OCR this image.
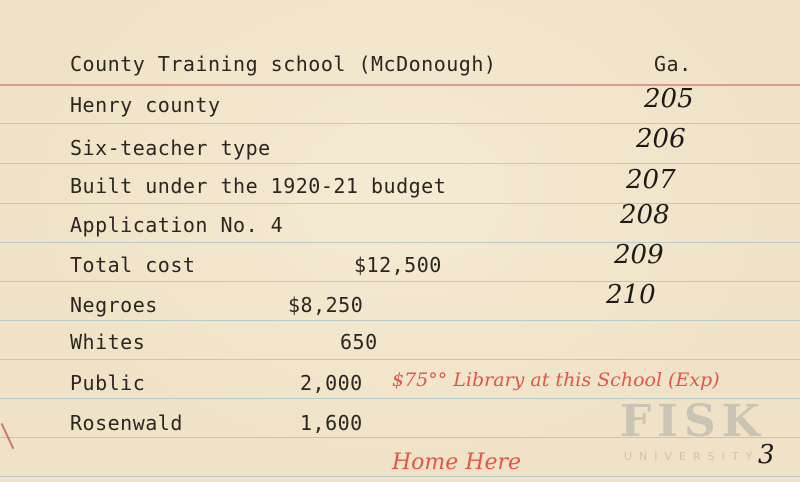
County Training school (McDonough)	Ga.
Henry county
Six-teacher type
Built under the 1920-21 budget
Application No. 4
Total cost	$12,500
Negroes	$8,250
Whites	650
Public	2,000
Rosenwald	1,600
205
206
207
208
209
210
$75°° Library at this School (Exp)
Home Here	3
FISK
UNIVERSITY
